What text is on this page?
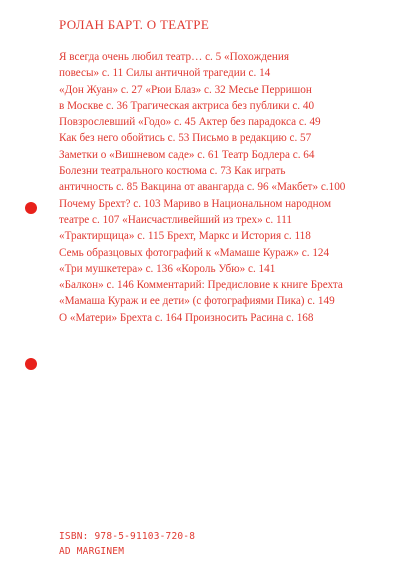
РОЛАН БАРТ. О ТЕАТРЕ
Я всегда очень любил театр… с. 5 «Похождения
повесы» с. 11 Силы античной трагедии с. 14
«Дон Жуан» с. 27 «Рюи Блаз» с. 32 Месье Перришон
в Москве с. 36 Трагическая актриса без публики с. 40
Повзрослевший «Годо» с. 45 Актер без парадокса с. 49
Как без него обойтись с. 53 Письмо в редакцию с. 57
Заметки о «Вишневом саде» с. 61 Театр Бодлера с. 64
Болезни театрального костюма с. 73 Как играть
античность с. 85 Вакцина от авангарда с. 96 «Макбет» с.100
Почему Брехт? с. 103 Мариво в Национальном народном
театре с. 107 «Наисчастливейший из трех» с. 111
«Трактирщица» с. 115 Брехт, Маркс и История с. 118
Семь образцовых фотографий к «Мамаше Кураж» с. 124
«Три мушкетера» с. 136 «Король Убю» с. 141
«Балкон» с. 146 Комментарий: Предисловие к книге Брехта
«Мамаша Кураж и ее дети» (с фотографиями Пика) с. 149
О «Матери» Брехта с. 164 Произносить Расина с. 168
ISBN: 978-5-91103-720-8
AD MARGINEM
